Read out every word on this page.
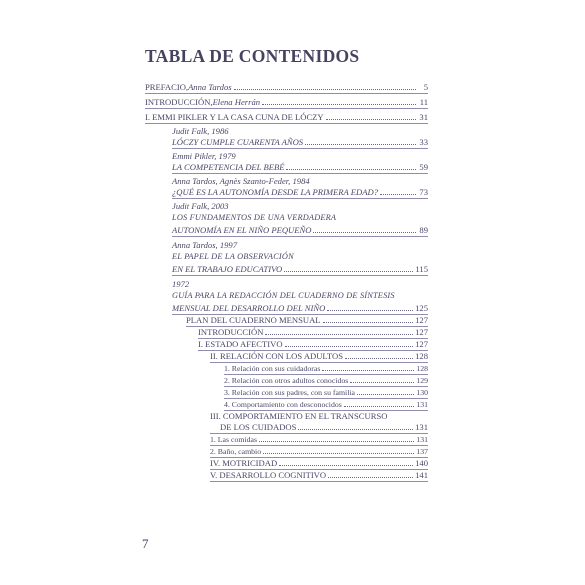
TABLA DE CONTENIDOS
PREFACIO, Anna Tardos	5
INTRODUCCIÓN, Elena Herrán	11
I. EMMI PIKLER Y LA CASA CUNA DE LÓCZY	31
Judit Falk, 1986
LÓCZY CUMPLE CUARENTA AÑOS	33
Emmi Pikler, 1979
LA COMPETENCIA DEL BEBÉ	59
Anna Tardos, Agnès Szanto-Feder, 1984
¿QUÉ ES LA AUTONOMÍA DESDE LA PRIMERA EDAD?	73
Judit Falk, 2003
LOS FUNDAMENTOS DE UNA VERDADERA
AUTONOMÍA EN EL NIÑO PEQUEÑO	89
Anna Tardos, 1997
EL PAPEL DE LA OBSERVACIÓN
EN EL TRABAJO EDUCATIVO	115
1972
GUÍA PARA LA REDACCIÓN DEL CUADERNO DE SÍNTESIS
MENSUAL DEL DESARROLLO DEL NIÑO	125
PLAN DEL CUADERNO MENSUAL	127
INTRODUCCIÓN	127
I. ESTADO AFECTIVO	127
II. RELACIÓN CON LOS ADULTOS	128
1. Relación con sus cuidadoras	128
2. Relación con otros adultos conocidos	129
3. Relación con sus padres, con su familia	130
4. Comportamiento con desconocidos	131
III. COMPORTAMIENTO EN EL TRANSCURSO
DE LOS CUIDADOS	131
1. Las comidas	131
2. Baño, cambio	137
IV. MOTRICIDAD	140
V. DESARROLLO COGNITIVO	141
7
